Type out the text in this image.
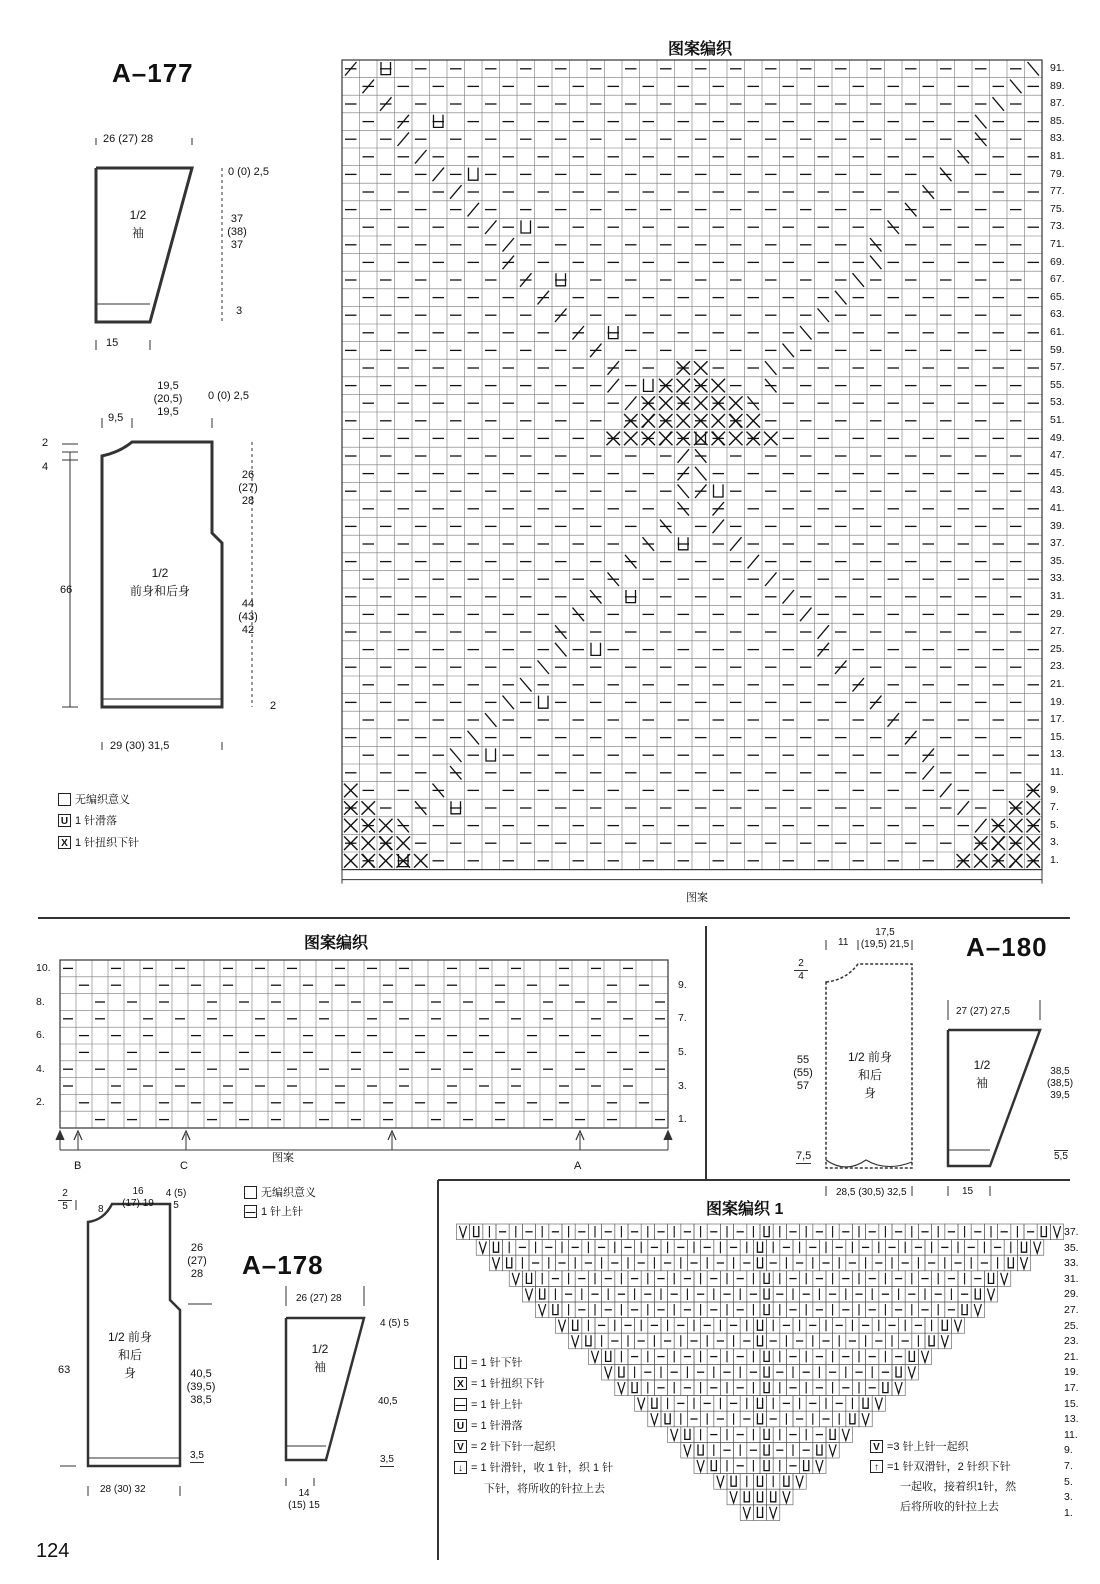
A–177
26 (27) 28
0 (0) 2,5
37
(38)
37
3
15
1/2
袖
9,5
19,5
(20,5)
19,5
0 (0) 2,5
2
4
66
26
(27)
28
44
(43)
42
2
29 (30) 31,5
1/2
前身和后身
无编织意义
U 1 针滑落
X 1 针扭织下针
图案编织
91.
89.
87.
85.
83.
81.
79.
77.
75.
73.
71.
69.
67.
65.
63.
61.
59.
57.
55.
53.
51.
49.
47.
45.
43.
41.
39.
37.
35.
33.
31.
29.
27.
25.
23.
21.
19.
17.
15.
13.
11.
9.
7.
5.
3.
1.
图案
图案编织
10.
8.
6.
4.
2.
9.
7.
5.
3.
1.
图案
B	C	A
无编织意义
— 1 针上针
A–180
11
17,5
(19,5) 21,5
2
4
55
(55)
57
7,5
28,5 (30,5) 32,5
1/2 前身
和后
身
27 (27) 27,5
38,5
(38,5)
39,5
5,5
15
1/2
袖
A–178
8
16
(17) 19
4 (5)
5
2
5
63
26
(27)
28
40,5
(39,5)
38,5
3,5
28 (30) 32
1/2 前身
和后
身
26 (27) 28
4 (5) 5
40,5
3,5
14
(15) 15
1/2
袖
图案编织 1
37.
35.
33.
31.
29.
27.
25.
23.
21.
19.
17.
15.
13.
11.
9.
7.
5.
3.
1.
| = 1 针下针
X = 1 针扭织下针
— = 1 针上针
U = 1 针滑落
V = 2 针下针一起织
↓ = 1 针滑针，收 1 针，织 1 针
下针，将所收的针拉上去
V =3 针上针一起织
↑ =1 针双滑针，2 针织下针
一起收，接着织1针，然
后将所收的针拉上去
124
